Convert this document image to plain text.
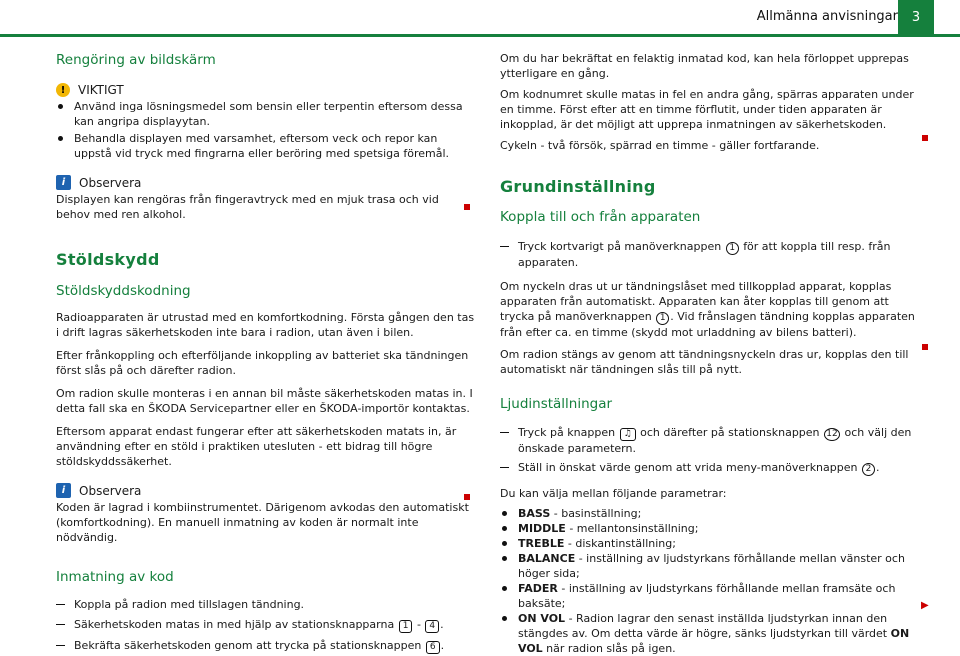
Allmänna anvisningar	3
Rengöring av bildskärm
!	VIKTIGT
Använd inga lösningsmedel som bensin eller terpentin eftersom dessa kan angripa displayytan.
Behandla displayen med varsamhet, eftersom veck och repor kan uppstå vid tryck med fingrarna eller beröring med spetsiga föremål.
i	Observera

Displayen kan rengöras från fingeravtryck med en mjuk trasa och vid behov med ren alkohol.

Stöldskydd
Stöldskyddskodning

Radioapparaten är utrustad med en komfortkodning. Första gången den tas i drift lagras säkerhetskoden inte bara i radion, utan även i bilen.

Efter frånkoppling och efterföljande inkoppling av batteriet ska tändningen först slås på och därefter radion.

Om radion skulle monteras i en annan bil måste säkerhetskoden matas in. I detta fall ska en ŠKODA Servicepartner eller en ŠKODA-importör kontaktas.

Eftersom apparat endast fungerar efter att säkerhetskoden matats in, är användning efter en stöld i praktiken utesluten - ett bidrag till högre stöldskyddssäkerhet.

i	Observera

Koden är lagrad i kombiinstrumentet. Därigenom avkodas den automatiskt (komfortkodning). En manuell inmatning av koden är normalt inte nödvändig.

Inmatning av kod
Koppla på radion med tillslagen tändning.
Säkerhetskoden matas in med hjälp av stationsknapparna 1 - 4 .
Bekräfta säkerhetskoden genom att trycka på stationsknappen 6 .

Om du har bekräftat en felaktig inmatad kod, kan hela förloppet upprepas ytterligare en gång.

Om kodnumret skulle matas in fel en andra gång, spärras apparaten under en timme. Först efter att en timme förflutit, under tiden apparaten är inkopplad, är det möjligt att upprepa inmatningen av säkerhetskoden.

Cykeln - två försök, spärrad en timme - gäller fortfarande.

Grundinställning
Koppla till och från apparaten
Tryck kortvarigt på manöverknappen 1 för att koppla till resp. från apparaten.

Om nyckeln dras ut ur tändningslåset med tillkopplad apparat, kopplas apparaten från automatiskt. Apparaten kan åter kopplas till genom att trycka på manöverknappen 1 . Vid frånslagen tändning kopplas apparaten från efter ca. en timme (skydd mot urladdning av bilens batteri).

Om radion stängs av genom att tändningsnyckeln dras ur, kopplas den till automatiskt när tändningen slås till på nytt.

Ljudinställningar
Tryck på knappen ♫ och därefter på stationsknappen 12 och välj den önskade parametern.
Ställ in önskat värde genom att vrida meny-manöverknappen 2 .

Du kan välja mellan följande parametrar:

BASS - basinställning;
MIDDLE - mellantonsinställning;
TREBLE - diskantinställning;
BALANCE - inställning av ljudstyrkans förhållande mellan vänster och höger sida;
FADER - inställning av ljudstyrkans förhållande mellan framsäte och baksäte;
ON VOL - Radion lagrar den senast inställda ljudstyrkan innan den stängdes av. Om detta värde är högre, sänks ljudstyrkan till värdet ON VOL när radion slås på igen.
▶
